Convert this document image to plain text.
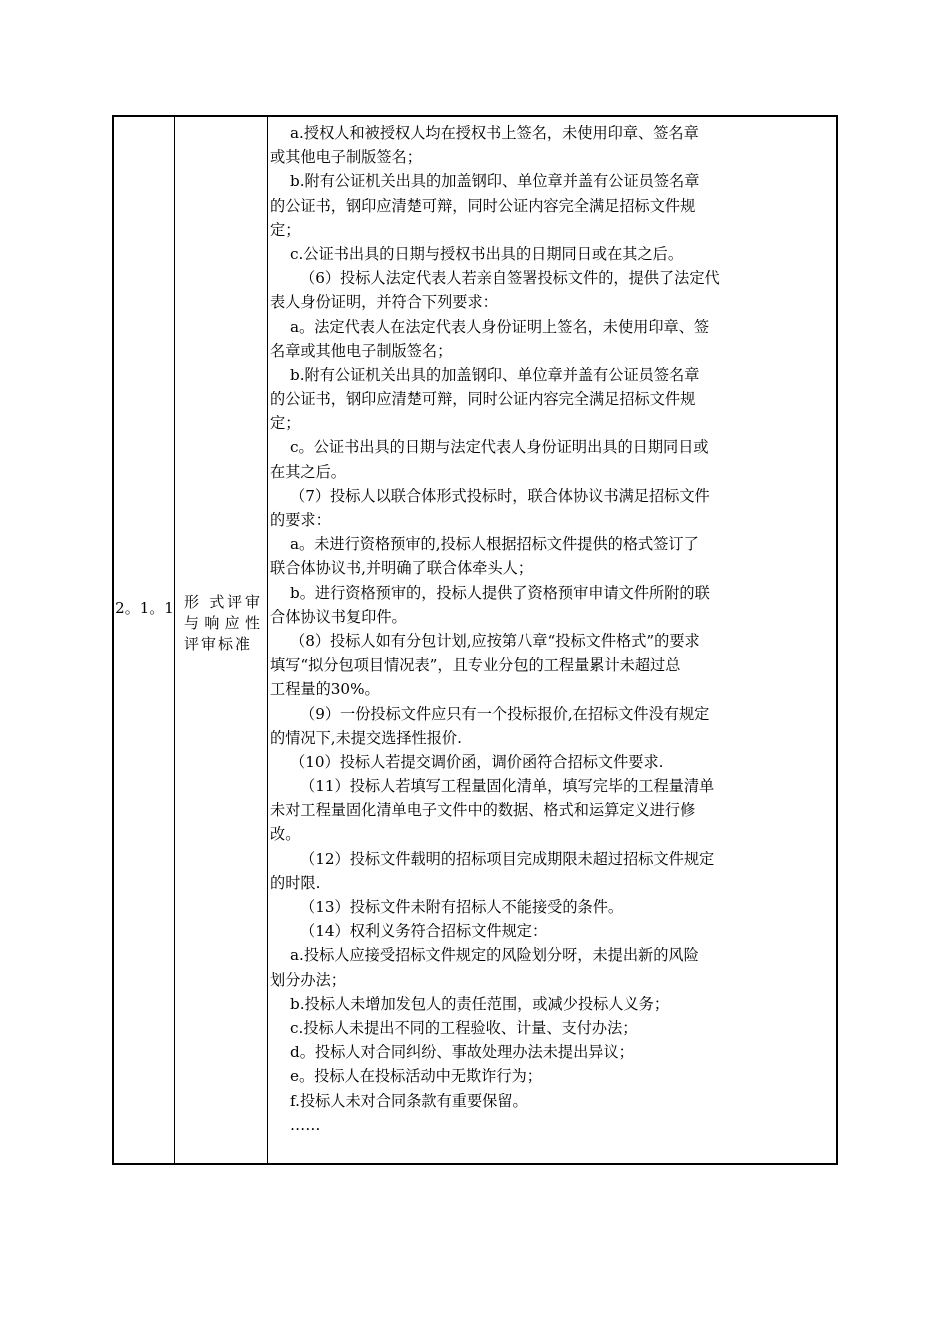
2。1。1 形 式评审与响应性评审标准
a.授权人和被授权人均在授权书上签名，未使用印章、签名章
或其他电子制版签名；
b.附有公证机关出具的加盖钢印、单位章并盖有公证员签名章
的公证书，钢印应清楚可辩，同时公证内容完全满足招标文件规
定；
c.公证书出具的日期与授权书出具的日期同日或在其之后。
（6）投标人法定代表人若亲自签署投标文件的，提供了法定代
表人身份证明，并符合下列要求：
a。法定代表人在法定代表人身份证明上签名，未使用印章、签
名章或其他电子制版签名；
b.附有公证机关出具的加盖钢印、单位章并盖有公证员签名章
的公证书，钢印应清楚可辩，同时公证内容完全满足招标文件规
定；
c。公证书出具的日期与法定代表人身份证明出具的日期同日或
在其之后。
（7）投标人以联合体形式投标时，联合体协议书满足招标文件
的要求：
a。未进行资格预审的,投标人根据招标文件提供的格式签订了
联合体协议书,并明确了联合体牵头人；
b。进行资格预审的，投标人提供了资格预审申请文件所附的联
合体协议书复印件。
（8）投标人如有分包计划,应按第八章“投标文件格式”的要求
填写“拟分包项目情况表”，且专业分包的工程量累计未超过总
工程量的30%。
（9）一份投标文件应只有一个投标报价,在招标文件没有规定
的情况下,未提交选择性报价.
（10）投标人若提交调价函，调价函符合招标文件要求.
（11）投标人若填写工程量固化清单，填写完毕的工程量清单
未对工程量固化清单电子文件中的数据、格式和运算定义进行修
改。
（12）投标文件载明的招标项目完成期限未超过招标文件规定
的时限.
（13）投标文件未附有招标人不能接受的条件。
（14）权利义务符合招标文件规定：
a.投标人应接受招标文件规定的风险划分呀，未提出新的风险
划分办法；
b.投标人未增加发包人的责任范围，或减少投标人义务；
c.投标人未提出不同的工程验收、计量、支付办法；
d。投标人对合同纠纷、事故处理办法未提出异议；
e。投标人在投标活动中无欺诈行为；
f.投标人未对合同条款有重要保留。
……
